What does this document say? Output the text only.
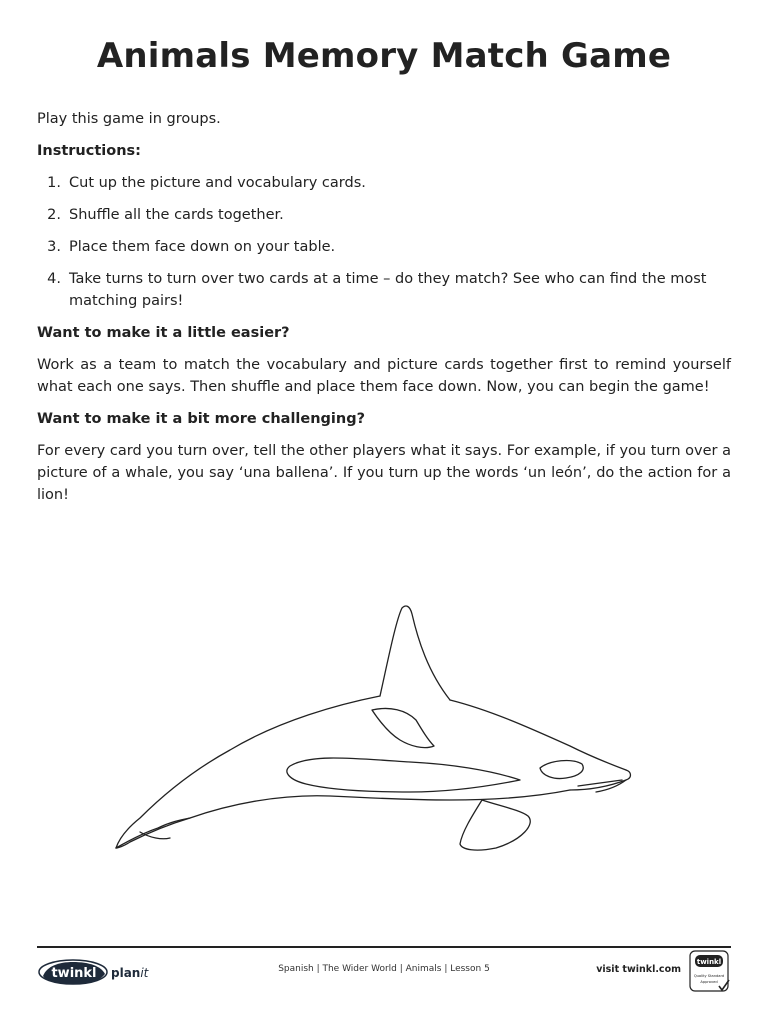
Animals Memory Match Game

Play this game in groups.

Instructions:

1. Cut up the picture and vocabulary cards.
2. Shuffle all the cards together.
3. Place them face down on your table.
4. Take turns to turn over two cards at a time – do they match? See who can find the most matching pairs!

Want to make it a little easier?

Work as a team to match the vocabulary and picture cards together first to remind yourself what each one says. Then shuffle and place them face down. Now, you can begin the game!

Want to make it a bit more challenging?

For every card you turn over, tell the other players what it says. For example, if you turn over a picture of a whale, you say ‘una ballena’. If you turn up the words ‘un león’, do the action for a lion!

twinkl planit	Spanish | The Wider World | Animals | Lesson 5	visit twinkl.com
twinkl
Quality Standard
Approved
